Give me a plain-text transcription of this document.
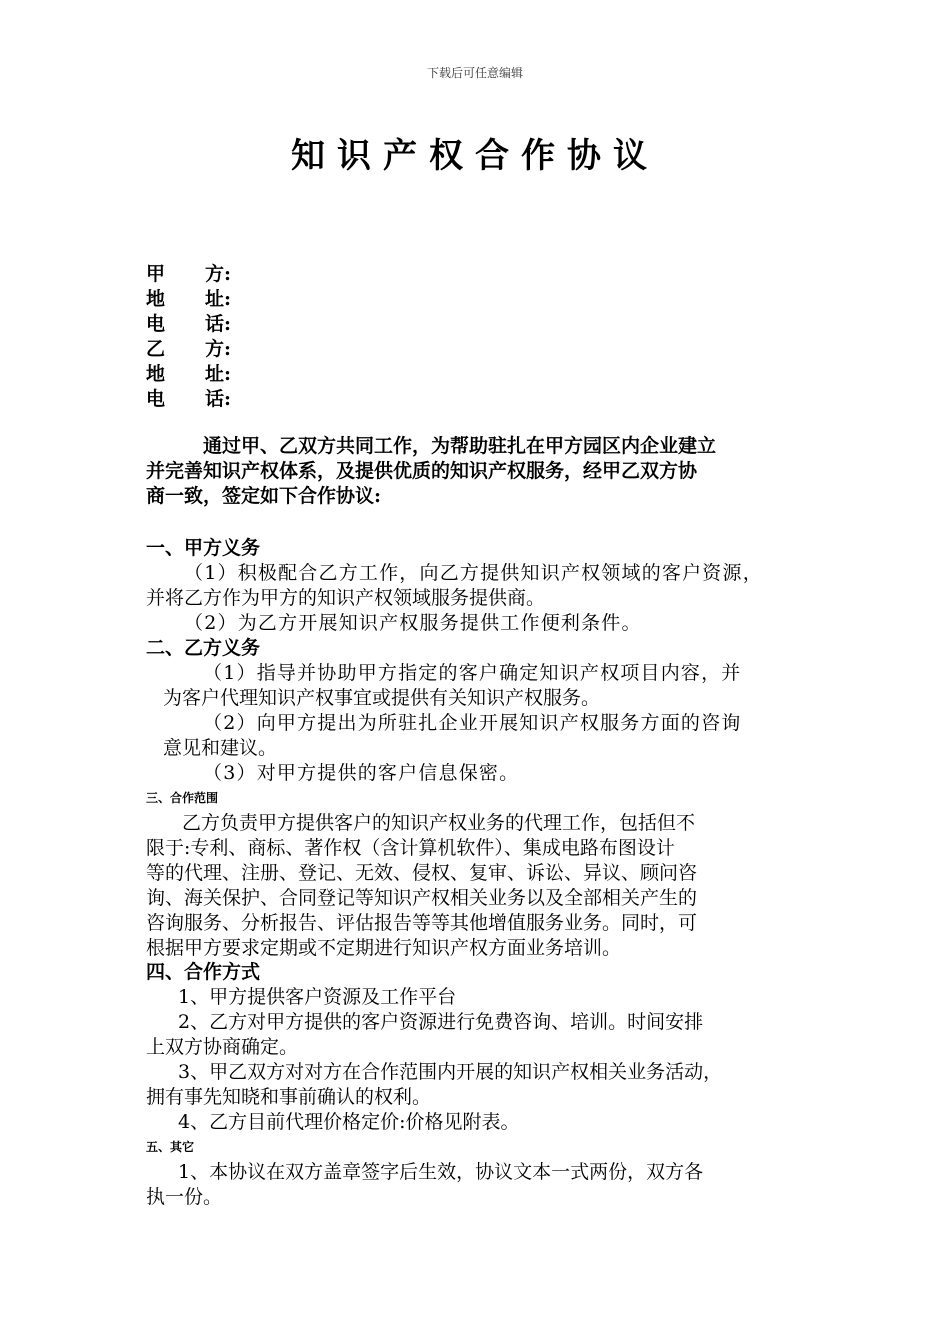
下载后可任意编辑
知识产权合作协议
甲　方:
地　址:
电　话:
乙　方:
地　址:
电　话:
通过甲、乙双方共同工作，为帮助驻扎在甲方园区内企业建立
并完善知识产权体系，及提供优质的知识产权服务，经甲乙双方协
商一致，签定如下合作协议:
一、甲方义务
（1）积极配合乙方工作，向乙方提供知识产权领域的客户资源，
并将乙方作为甲方的知识产权领域服务提供商。
（2）为乙方开展知识产权服务提供工作便利条件。
二、乙方义务
（1）指导并协助甲方指定的客户确定知识产权项目内容，并
为客户代理知识产权事宜或提供有关知识产权服务。
（2）向甲方提出为所驻扎企业开展知识产权服务方面的咨询
意见和建议。
（3）对甲方提供的客户信息保密。
三、合作范围
乙方负责甲方提供客户的知识产权业务的代理工作，包括但不
限于:专利、商标、著作权（含计算机软件）、集成电路布图设计
等的代理、注册、登记、无效、侵权、复审、诉讼、异议、顾问咨
询、海关保护、合同登记等知识产权相关业务以及全部相关产生的
咨询服务、分析报告、评估报告等等其他增值服务业务。同时，可
根据甲方要求定期或不定期进行知识产权方面业务培训。
四、合作方式
1、甲方提供客户资源及工作平台
2、乙方对甲方提供的客户资源进行免费咨询、培训。时间安排
上双方协商确定。
3、甲乙双方对对方在合作范围内开展的知识产权相关业务活动，
拥有事先知晓和事前确认的权利。
4、乙方目前代理价格定价:价格见附表。
五、其它
1、本协议在双方盖章签字后生效，协议文本一式两份，双方各
执一份。
